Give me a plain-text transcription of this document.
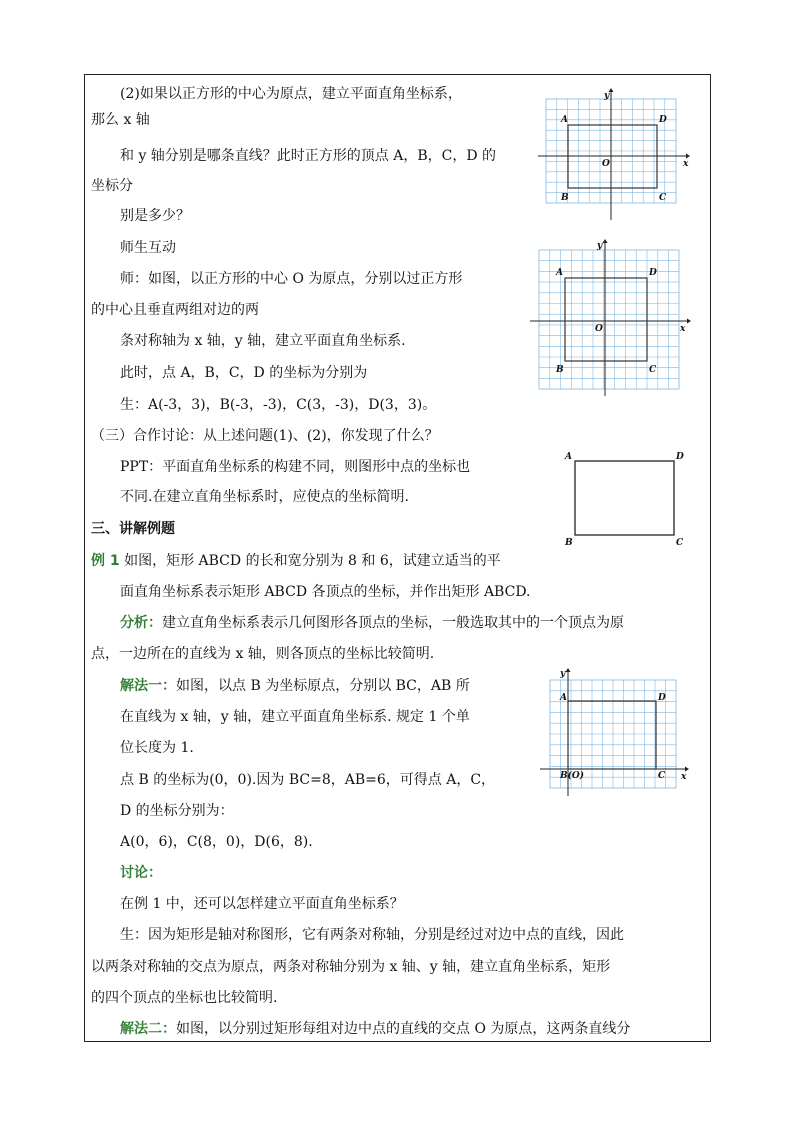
(2)如果以正方形的中心为原点，建立平面直角坐标系，
那么 x 轴
和 y 轴分别是哪条直线？此时正方形的顶点 A，B，C，D 的
坐标分
别是多少？
师生互动
师：如图，以正方形的中心 O 为原点，分别以过正方形
的中心且垂直两组对边的两
条对称轴为 x 轴，y 轴，建立平面直角坐标系.
此时，点 A，B，C，D 的坐标为分别为
生：A(-3，3)，B(-3，-3)，C(3，-3)，D(3，3)。
（三）合作讨论：从上述问题(1)、(2)，你发现了什么？
PPT：平面直角坐标系的构建不同，则图形中点的坐标也
不同.在建立直角坐标系时，应使点的坐标简明.
三、讲解例题
例 1 如图，矩形 ABCD 的长和宽分别为 8 和 6，试建立适当的平
面直角坐标系表示矩形 ABCD 各顶点的坐标，并作出矩形 ABCD.
分析：建立直角坐标系表示几何图形各顶点的坐标，一般选取其中的一个顶点为原
点，一边所在的直线为 x 轴，则各顶点的坐标比较简明.
解法一：如图，以点 B 为坐标原点，分别以 BC，AB 所
在直线为 x 轴，y 轴，建立平面直角坐标系. 规定 1 个单
位长度为 1.
点 B 的坐标为(0，0).因为 BC=8，AB=6，可得点 A，C，
D 的坐标分别为：
A(0，6)，C(8，0)，D(6，8).
讨论：
在例 1 中，还可以怎样建立平面直角坐标系？
生：因为矩形是轴对称图形，它有两条对称轴，分别是经过对边中点的直线，因此
以两条对称轴的交点为原点，两条对称轴分别为 x 轴、y 轴，建立直角坐标系，矩形
的四个顶点的坐标也比较简明.
解法二：如图，以分别过矩形每组对边中点的直线的交点 O 为原点，这两条直线分
A	D
B	C
O	x
y
A	D
B	C
O	x
y
A	D
B	C
A	D
B(O)	C x
y
